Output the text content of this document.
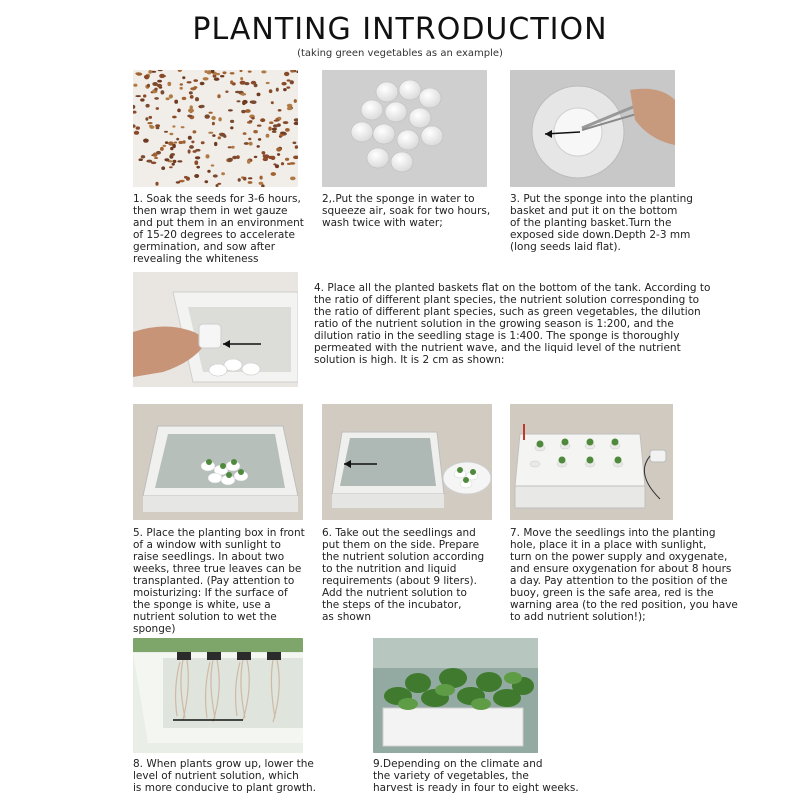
PLANTING INTRODUCTION
(taking green vegetables as an example)
1. Soak the seeds for 3-6 hours,
then wrap them in wet gauze
and put them in an environment
of 15-20 degrees to accelerate
germination, and sow after
revealing the whiteness
2,.Put the sponge in water to
squeeze air, soak for two hours,
wash twice with water;
3. Put the sponge into the planting
basket and put it on the bottom
of the planting basket.Turn the
exposed side down.Depth 2-3 mm
(long seeds laid flat).
4. Place all the planted baskets flat on the bottom of the tank. According to
the ratio of different plant species, the nutrient solution corresponding to
the ratio of different plant species, such as green vegetables, the dilution
ratio of the nutrient solution in the growing season is 1:200, and the
dilution ratio in the seedling stage is 1:400. The sponge is thoroughly
permeated with the nutrient wave, and the liquid level of the nutrient
solution is high. It is 2 cm as shown:
5. Place the planting box in front
of a window with sunlight to
raise seedlings. In about two
weeks, three true leaves can be
transplanted. (Pay attention to
moisturizing: If the surface of
the sponge is white, use a
nutrient solution to wet the
sponge)
6. Take out the seedlings and
put them on the side. Prepare
the nutrient solution according
to the nutrition and liquid
requirements (about 9 liters).
Add the nutrient solution to
the steps of the incubator,
as shown
7. Move the seedlings into the planting
hole, place it in a place with sunlight,
turn on the power supply and oxygenate,
and ensure oxygenation for about 8 hours
a day. Pay attention to the position of the
buoy, green is the safe area, red is the
warning area (to the red position, you have
to add nutrient solution!);
8. When plants grow up, lower the
level of nutrient solution, which
is more conducive to plant growth.
9.Depending on the climate and
the variety of vegetables, the
harvest is ready in four to eight weeks.
